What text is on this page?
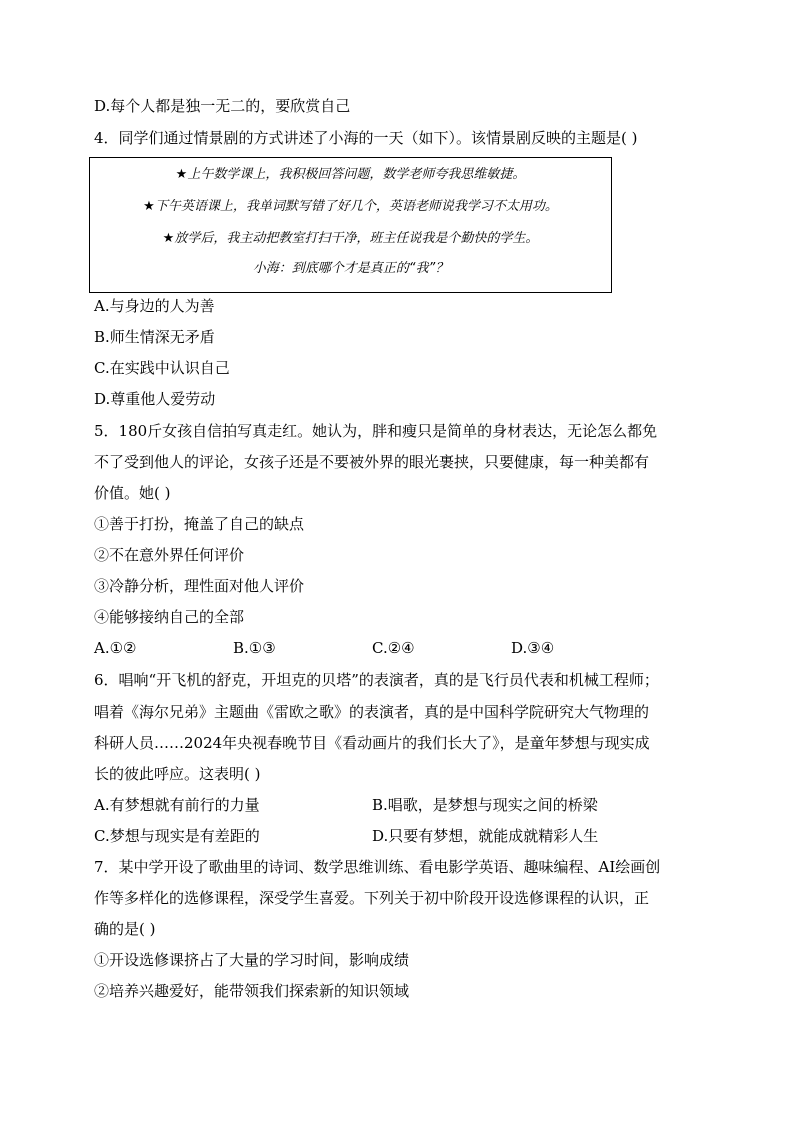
D.每个人都是独一无二的，要欣赏自己
4．同学们通过情景剧的方式讲述了小海的一天（如下）。该情景剧反映的主题是( )
★上午数学课上，我积极回答问题，数学老师夸我思维敏捷。
★下午英语课上，我单词默写错了好几个，英语老师说我学习不太用功。
★放学后，我主动把教室打扫干净，班主任说我是个勤快的学生。
小海：到底哪个才是真正的“我”？
A.与身边的人为善
B.师生情深无矛盾
C.在实践中认识自己
D.尊重他人爱劳动
5．180斤女孩自信拍写真走红。她认为，胖和瘦只是简单的身材表达，无论怎么都免
不了受到他人的评论，女孩子还是不要被外界的眼光裹挟，只要健康，每一种美都有
价值。她( )
①善于打扮，掩盖了自己的缺点
②不在意外界任何评价
③冷静分析，理性面对他人评价
④能够接纳自己的全部
A.①②	B.①③	C.②④	D.③④
6．唱响“开飞机的舒克，开坦克的贝塔”的表演者，真的是飞行员代表和机械工程师；
唱着《海尔兄弟》主题曲《雷欧之歌》的表演者，真的是中国科学院研究大气物理的
科研人员……2024年央视春晚节目《看动画片的我们长大了》，是童年梦想与现实成
长的彼此呼应。这表明( )
A.有梦想就有前行的力量	B.唱歌，是梦想与现实之间的桥梁
C.梦想与现实是有差距的	D.只要有梦想，就能成就精彩人生
7．某中学开设了歌曲里的诗词、数学思维训练、看电影学英语、趣味编程、AI绘画创
作等多样化的选修课程，深受学生喜爱。下列关于初中阶段开设选修课程的认识，正
确的是( )
①开设选修课挤占了大量的学习时间，影响成绩
②培养兴趣爱好，能带领我们探索新的知识领域
